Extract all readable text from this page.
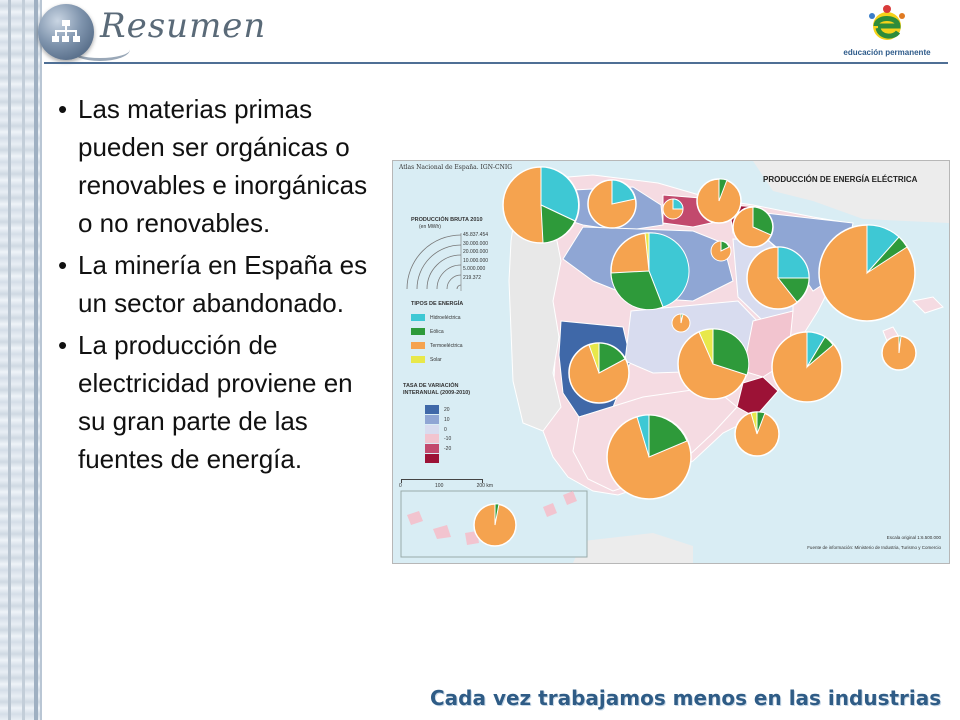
Resumen
educación permanente
• Las materias primas pueden ser orgánicas o renovables e inorgánicas o no renovables.
• La minería en España es un sector abandonado.
• La producción de electricidad proviene en su gran parte de las fuentes de energía.
Atlas Nacional de España. IGN-CNIG
PRODUCCIÓN DE ENERGÍA ELÉCTRICA
PRODUCCIÓN BRUTA 2010
(en MWh)
45.837.454
30.000.000
20.000.000
10.000.000
5.000.000
219.372
TIPOS DE ENERGÍA
Hidroeléctrica
Eólica
Termoeléctrica
Solar
TASA DE VARIACIÓN INTERANUAL (2009-2010)
20
10
0
-10
-20
0	100	200 km
Escala original 1:6.500.000
Fuente de información: Ministerio de Industria, Turismo y Comercio
Cada vez trabajamos menos en las industrias
